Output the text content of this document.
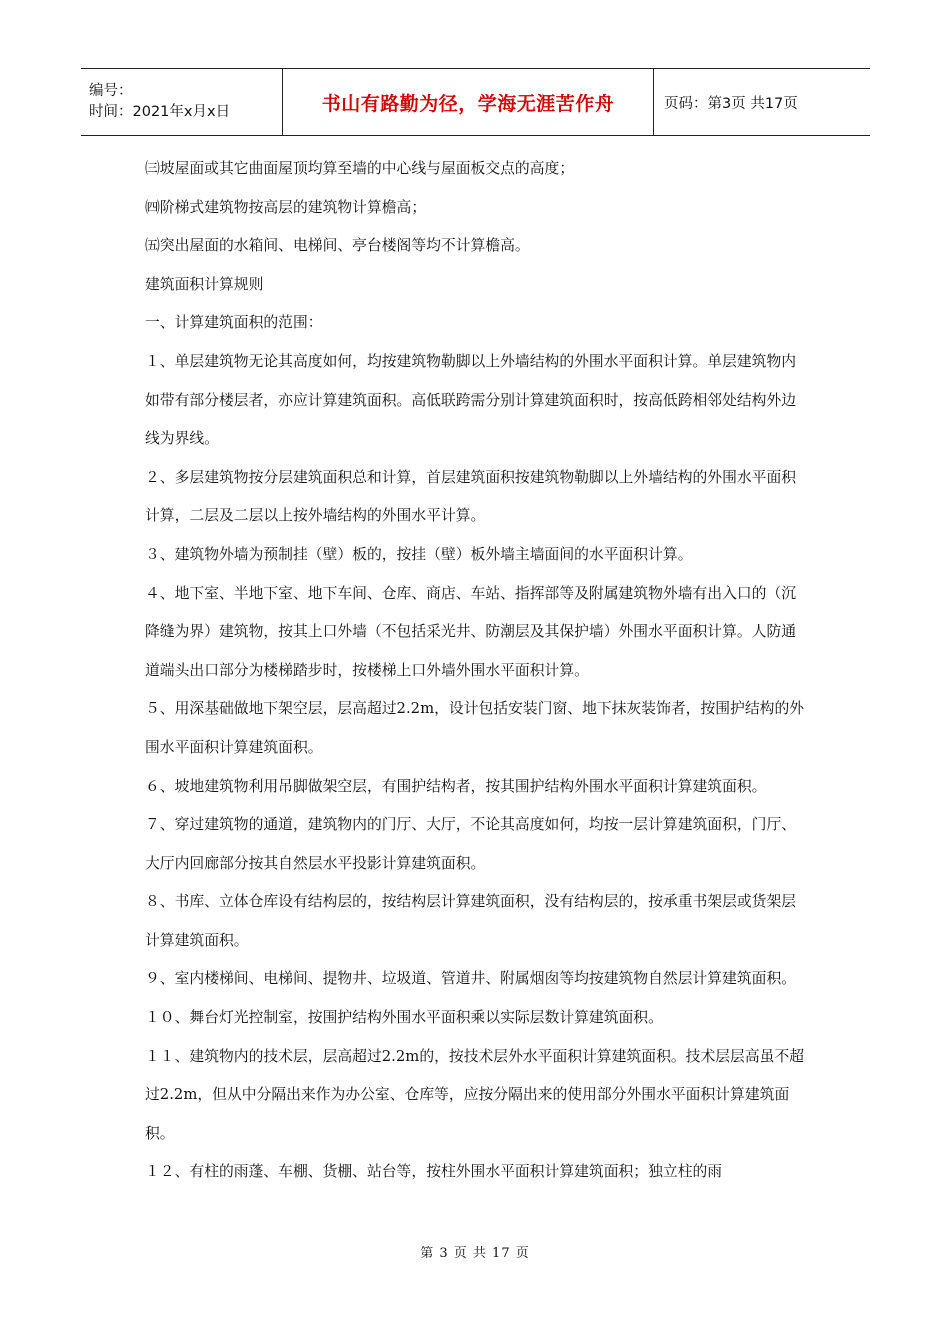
编号：
时间：2021年x月x日	书山有路勤为径，学海无涯苦作舟	页码：第3页 共17页

㈢坡屋面或其它曲面屋顶均算至墙的中心线与屋面板交点的高度；

㈣阶梯式建筑物按高层的建筑物计算檐高；

㈤突出屋面的水箱间、电梯间、亭台楼阁等均不计算檐高。

建筑面积计算规则

一、计算建筑面积的范围：

１、单层建筑物无论其高度如何，均按建筑物勒脚以上外墙结构的外围水平面积计算。单层建筑物内如带有部分楼层者，亦应计算建筑面积。高低联跨需分别计算建筑面积时，按高低跨相邻处结构外边线为界线。

２、多层建筑物按分层建筑面积总和计算，首层建筑面积按建筑物勒脚以上外墙结构的外围水平面积计算，二层及二层以上按外墙结构的外围水平计算。

３、建筑物外墙为预制挂（壁）板的，按挂（壁）板外墙主墙面间的水平面积计算。

４、地下室、半地下室、地下车间、仓库、商店、车站、指挥部等及附属建筑物外墙有出入口的（沉降缝为界）建筑物，按其上口外墙（不包括采光井、防潮层及其保护墙）外围水平面积计算。人防通道端头出口部分为楼梯踏步时，按楼梯上口外墙外围水平面积计算。

５、用深基础做地下架空层，层高超过2.2m，设计包括安装门窗、地下抹灰装饰者，按围护结构的外围水平面积计算建筑面积。

６、坡地建筑物利用吊脚做架空层，有围护结构者，按其围护结构外围水平面积计算建筑面积。

７、穿过建筑物的通道，建筑物内的门厅、大厅，不论其高度如何，均按一层计算建筑面积，门厅、大厅内回廊部分按其自然层水平投影计算建筑面积。

８、书库、立体仓库设有结构层的，按结构层计算建筑面积，没有结构层的，按承重书架层或货架层计算建筑面积。

９、室内楼梯间、电梯间、提物井、垃圾道、管道井、附属烟囱等均按建筑物自然层计算建筑面积。

１０、舞台灯光控制室，按围护结构外围水平面积乘以实际层数计算建筑面积。

１１、建筑物内的技术层，层高超过2.2m的，按技术层外水平面积计算建筑面积。技术层层高虽不超过2.2m，但从中分隔出来作为办公室、仓库等，应按分隔出来的使用部分外围水平面积计算建筑面积。

１２、有柱的雨蓬、车棚、货棚、站台等，按柱外围水平面积计算建筑面积；独立柱的雨

第 3 页 共 17 页
